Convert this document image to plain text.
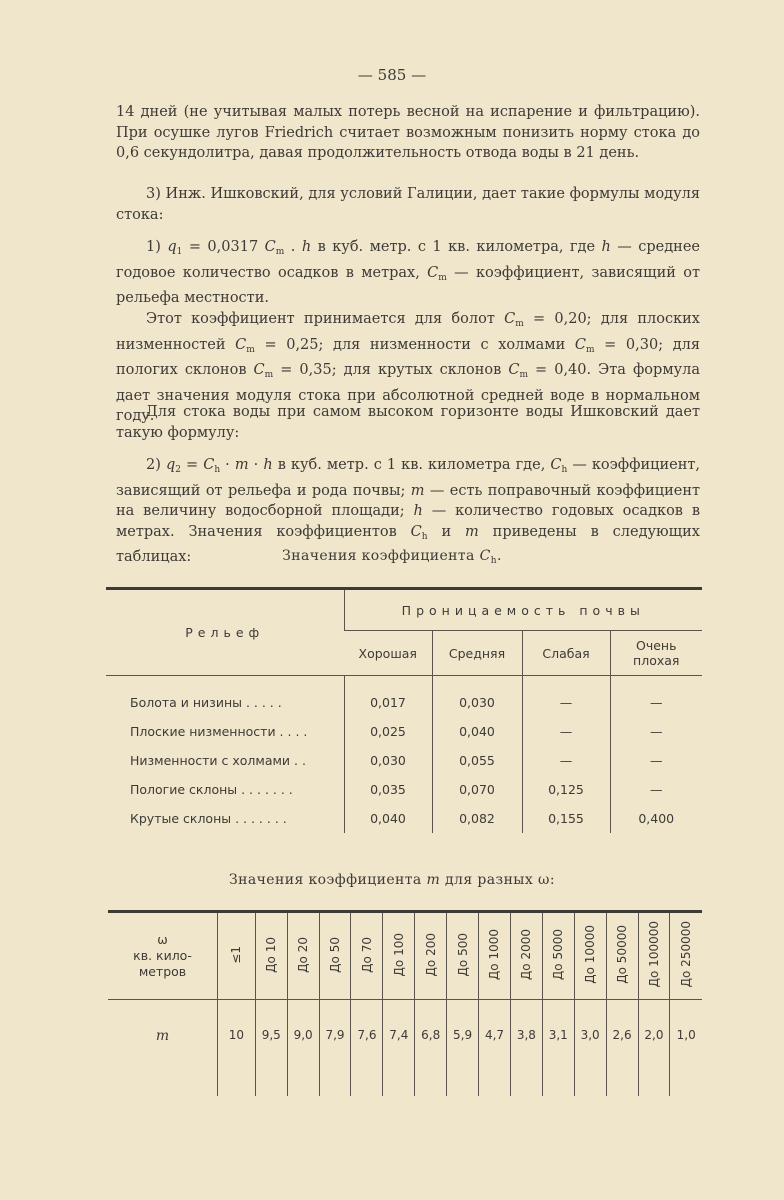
— 585 —

14 дней (не учитывая малых потерь весной на испарение и фильтрацию). При осушке лугов Friedrich считает возможным понизить норму стока до 0,6 секундолитра, давая продолжительность отвода воды в 21 день.

3) Инж. Ишковский, для условий Галиции, дает такие формулы модуля стока:

1) $q_1 = 0,0317$ $C_m$ . h в куб. метр. с 1 кв. километра, где h — среднее годовое количество осадков в метрах, $C_m$ — коэффициент, зависящий от рельефа местности.

Этот коэффициент принимается для болот $C_m = 0,20$; для плоских низменностей $C_m = 0,25$; для низменности с холмами $C_m = 0,30$; для пологих склонов $C_m = 0,35$; для крутых склонов $C_m = 0,40$. Эта формула дает значения модуля стока при абсолютной средней воде в нормальном году.

Для стока воды при самом высоком горизонте воды Ишковский дает такую формулу:

2) $q_2 = C_h \cdot m \cdot h$ в куб. метр. с 1 кв. километра где, $C_h$ — коэффициент, зависящий от рельефа и рода почвы; m — есть поправочный коэффициент на величину водосборной площади; h — количество годовых осадков в метрах. Значения коэффициентов $C_h$ и m приведены в следующих таблицах:	Значения коэффициента $C_h$.
Рельеф	Проницаемость почвы			
	Хорошая	Средняя	Слабая	Очень плохая

Болота и низины . . . . .	0,017	0,030	—	—
Плоские низменности . . . .	0,025	0,040	—	—
Низменности с холмами . .	0,030	0,055	—	—
Пологие склоны . . . . . . .	0,035	0,070	0,125	—
Крутые склоны . . . . . . .	0,040	0,082	0,155	0,400
Значения коэффициента m для разных ω:
ω
кв. кило-
метров	≤1	До 10	До 20	До 50	До 70	До 100	До 200	До 500	До 1000	До 2000	До 5000	До 10000	До 50000	До 100000	До 250000
m	10	9,5	9,0	7,9	7,6	7,4	6,8	5,9	4,7	3,8	3,1	3,0	2,6	2,0	1,0
